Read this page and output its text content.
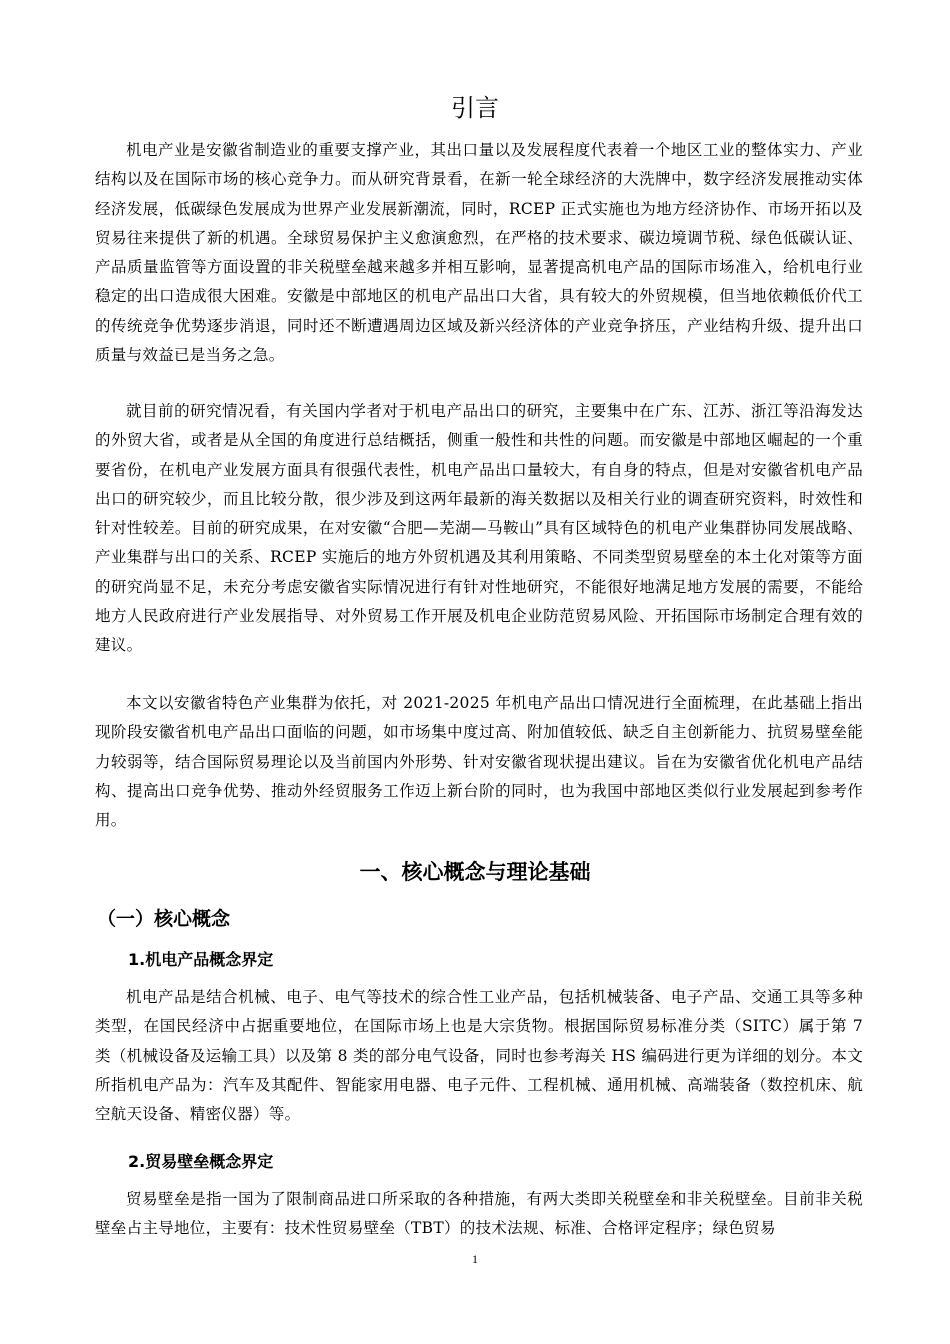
引言

机电产业是安徽省制造业的重要支撑产业，其出口量以及发展程度代表着一个地区工业的整体实力、产业结构以及在国际市场的核心竞争力。而从研究背景看，在新一轮全球经济的大洗牌中，数字经济发展推动实体经济发展，低碳绿色发展成为世界产业发展新潮流，同时，RCEP 正式实施也为地方经济协作、市场开拓以及贸易往来提供了新的机遇。全球贸易保护主义愈演愈烈，在严格的技术要求、碳边境调节税、绿色低碳认证、产品质量监管等方面设置的非关税壁垒越来越多并相互影响，显著提高机电产品的国际市场准入，给机电行业稳定的出口造成很大困难。安徽是中部地区的机电产品出口大省，具有较大的外贸规模，但当地依赖低价代工的传统竞争优势逐步消退，同时还不断遭遇周边区域及新兴经济体的产业竞争挤压，产业结构升级、提升出口质量与效益已是当务之急。

就目前的研究情况看，有关国内学者对于机电产品出口的研究，主要集中在广东、江苏、浙江等沿海发达的外贸大省，或者是从全国的角度进行总结概括，侧重一般性和共性的问题。而安徽是中部地区崛起的一个重要省份，在机电产业发展方面具有很强代表性，机电产品出口量较大，有自身的特点，但是对安徽省机电产品出口的研究较少，而且比较分散，很少涉及到这两年最新的海关数据以及相关行业的调查研究资料，时效性和针对性较差。目前的研究成果，在对安徽“合肥—芜湖—马鞍山”具有区域特色的机电产业集群协同发展战略、产业集群与出口的关系、RCEP 实施后的地方外贸机遇及其利用策略、不同类型贸易壁垒的本土化对策等方面的研究尚显不足，未充分考虑安徽省实际情况进行有针对性地研究，不能很好地满足地方发展的需要，不能给地方人民政府进行产业发展指导、对外贸易工作开展及机电企业防范贸易风险、开拓国际市场制定合理有效的建议。

本文以安徽省特色产业集群为依托，对 2021-2025 年机电产品出口情况进行全面梳理，在此基础上指出现阶段安徽省机电产品出口面临的问题，如市场集中度过高、附加值较低、缺乏自主创新能力、抗贸易壁垒能力较弱等，结合国际贸易理论以及当前国内外形势、针对安徽省现状提出建议。旨在为安徽省优化机电产品结构、提高出口竞争优势、推动外经贸服务工作迈上新台阶的同时，也为我国中部地区类似行业发展起到参考作用。

一、核心概念与理论基础
（一）核心概念
1.机电产品概念界定

机电产品是结合机械、电子、电气等技术的综合性工业产品，包括机械装备、电子产品、交通工具等多种类型，在国民经济中占据重要地位，在国际市场上也是大宗货物。根据国际贸易标准分类（SITC）属于第 7 类（机械设备及运输工具）以及第 8 类的部分电气设备，同时也参考海关 HS 编码进行更为详细的划分。本文所指机电产品为：汽车及其配件、智能家用电器、电子元件、工程机械、通用机械、高端装备（数控机床、航空航天设备、精密仪器）等。

2.贸易壁垒概念界定

贸易壁垒是指一国为了限制商品进口所采取的各种措施，有两大类即关税壁垒和非关税壁垒。目前非关税壁垒占主导地位，主要有：技术性贸易壁垒（TBT）的技术法规、标准、合格评定程序；绿色贸易

1
